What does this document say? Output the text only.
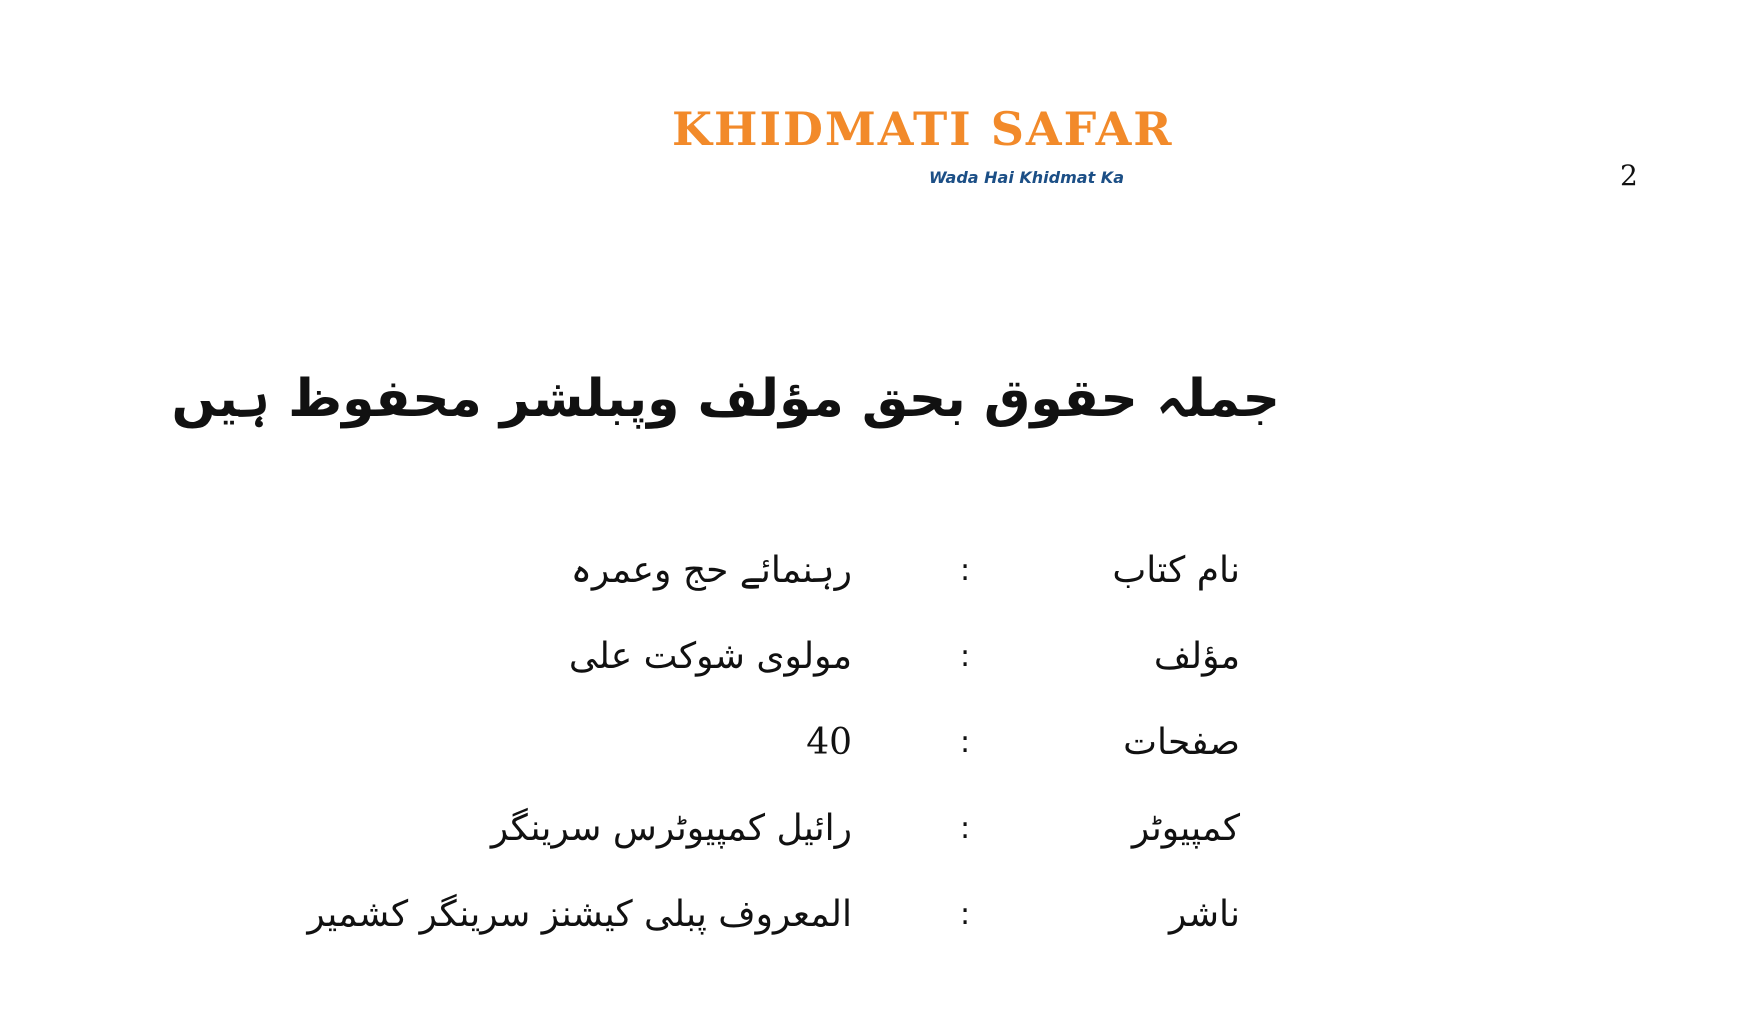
KHIDMATI SAFAR
Wada Hai Khidmat Ka	2
جملہ حقوق بحق مؤلف وپبلشر محفوظ ہیں
نام کتاب
:
رہنمائے حج وعمرہ
مؤلف
:
مولوی شوکت علی
صفحات
:
40
کمپیوٹر
:
رائیل کمپیوٹرس سرینگر
ناشر
:
المعروف پبلی کیشنز سرینگر کشمیر
